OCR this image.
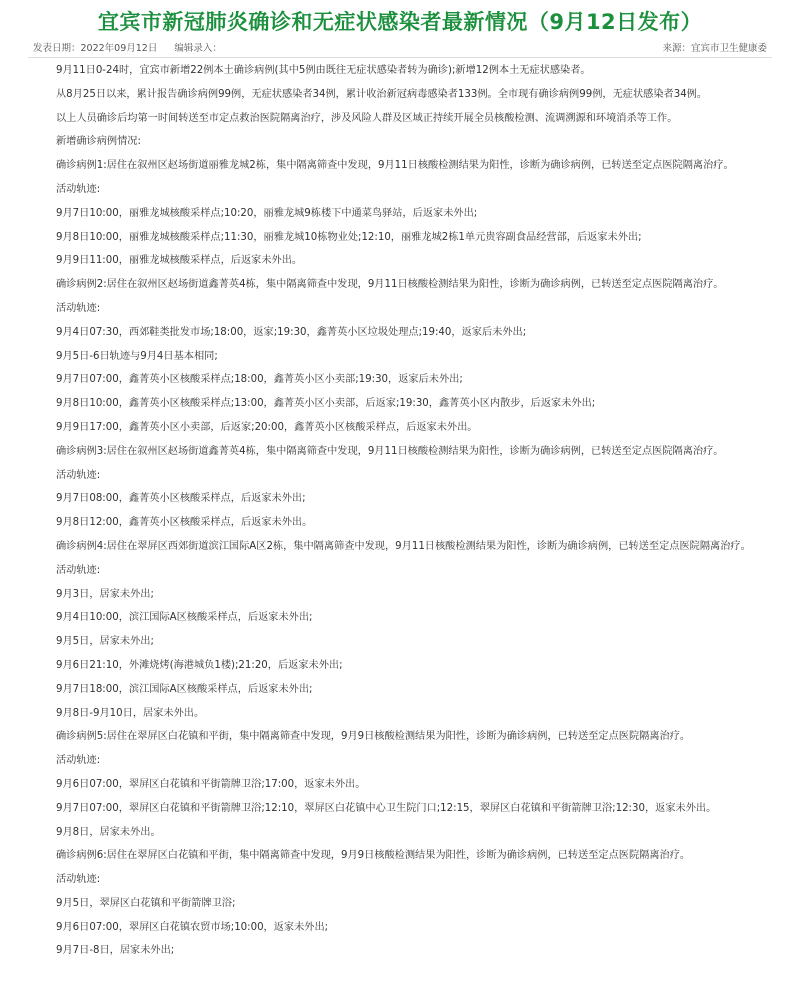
宜宾市新冠肺炎确诊和无症状感染者最新情况（9月12日发布）
发表日期：2022年09月12日 编辑录入：	来源：宜宾市卫生健康委
9月11日0-24时，宜宾市新增22例本土确诊病例(其中5例由既往无症状感染者转为确诊);新增12例本土无症状感染者。
从8月25日以来，累计报告确诊病例99例，无症状感染者34例，累计收治新冠病毒感染者133例。全市现有确诊病例99例，无症状感染者34例。
以上人员确诊后均第一时间转送至市定点救治医院隔离治疗，涉及风险人群及区域正持续开展全员核酸检测、流调溯源和环境消杀等工作。
新增确诊病例情况:
确诊病例1:居住在叙州区赵场街道丽雅龙城2栋，集中隔离筛查中发现，9月11日核酸检测结果为阳性，诊断为确诊病例，已转送至定点医院隔离治疗。
活动轨迹:
9月7日10:00，丽雅龙城核酸采样点;10:20，丽雅龙城9栋楼下中通菜鸟驿站，后返家未外出;
9月8日10:00，丽雅龙城核酸采样点;11:30，丽雅龙城10栋物业处;12:10，丽雅龙城2栋1单元贵容副食品经营部，后返家未外出;
9月9日11:00，丽雅龙城核酸采样点，后返家未外出。
确诊病例2:居住在叙州区赵场街道鑫菁英4栋，集中隔离筛查中发现，9月11日核酸检测结果为阳性，诊断为确诊病例，已转送至定点医院隔离治疗。
活动轨迹:
9月4日07:30，西郊鞋类批发市场;18:00，返家;19:30，鑫菁英小区垃圾处理点;19:40，返家后未外出;
9月5日-6日轨迹与9月4日基本相同;
9月7日07:00，鑫菁英小区核酸采样点;18:00，鑫菁英小区小卖部;19:30，返家后未外出;
9月8日10:00，鑫菁英小区核酸采样点;13:00，鑫菁英小区小卖部，后返家;19:30，鑫菁英小区内散步，后返家未外出;
9月9日17:00，鑫菁英小区小卖部，后返家;20:00，鑫菁英小区核酸采样点，后返家未外出。
确诊病例3:居住在叙州区赵场街道鑫菁英4栋，集中隔离筛查中发现，9月11日核酸检测结果为阳性，诊断为确诊病例，已转送至定点医院隔离治疗。
活动轨迹:
9月7日08:00，鑫菁英小区核酸采样点，后返家未外出;
9月8日12:00，鑫菁英小区核酸采样点，后返家未外出。
确诊病例4:居住在翠屏区西郊街道滨江国际A区2栋，集中隔离筛查中发现，9月11日核酸检测结果为阳性，诊断为确诊病例，已转送至定点医院隔离治疗。
活动轨迹:
9月3日，居家未外出;
9月4日10:00，滨江国际A区核酸采样点，后返家未外出;
9月5日，居家未外出;
9月6日21:10，外滩烧烤(海港城负1楼);21:20，后返家未外出;
9月7日18:00，滨江国际A区核酸采样点，后返家未外出;
9月8日-9月10日，居家未外出。
确诊病例5:居住在翠屏区白花镇和平街，集中隔离筛查中发现，9月9日核酸检测结果为阳性，诊断为确诊病例，已转送至定点医院隔离治疗。
活动轨迹:
9月6日07:00，翠屏区白花镇和平街箭牌卫浴;17:00，返家未外出。
9月7日07:00，翠屏区白花镇和平街箭牌卫浴;12:10，翠屏区白花镇中心卫生院门口;12:15，翠屏区白花镇和平街箭牌卫浴;12:30，返家未外出。
9月8日，居家未外出。
确诊病例6:居住在翠屏区白花镇和平街，集中隔离筛查中发现，9月9日核酸检测结果为阳性，诊断为确诊病例，已转送至定点医院隔离治疗。
活动轨迹:
9月5日，翠屏区白花镇和平街箭牌卫浴;
9月6日07:00，翠屏区白花镇农贸市场;10:00，返家未外出;
9月7日-8日，居家未外出;
